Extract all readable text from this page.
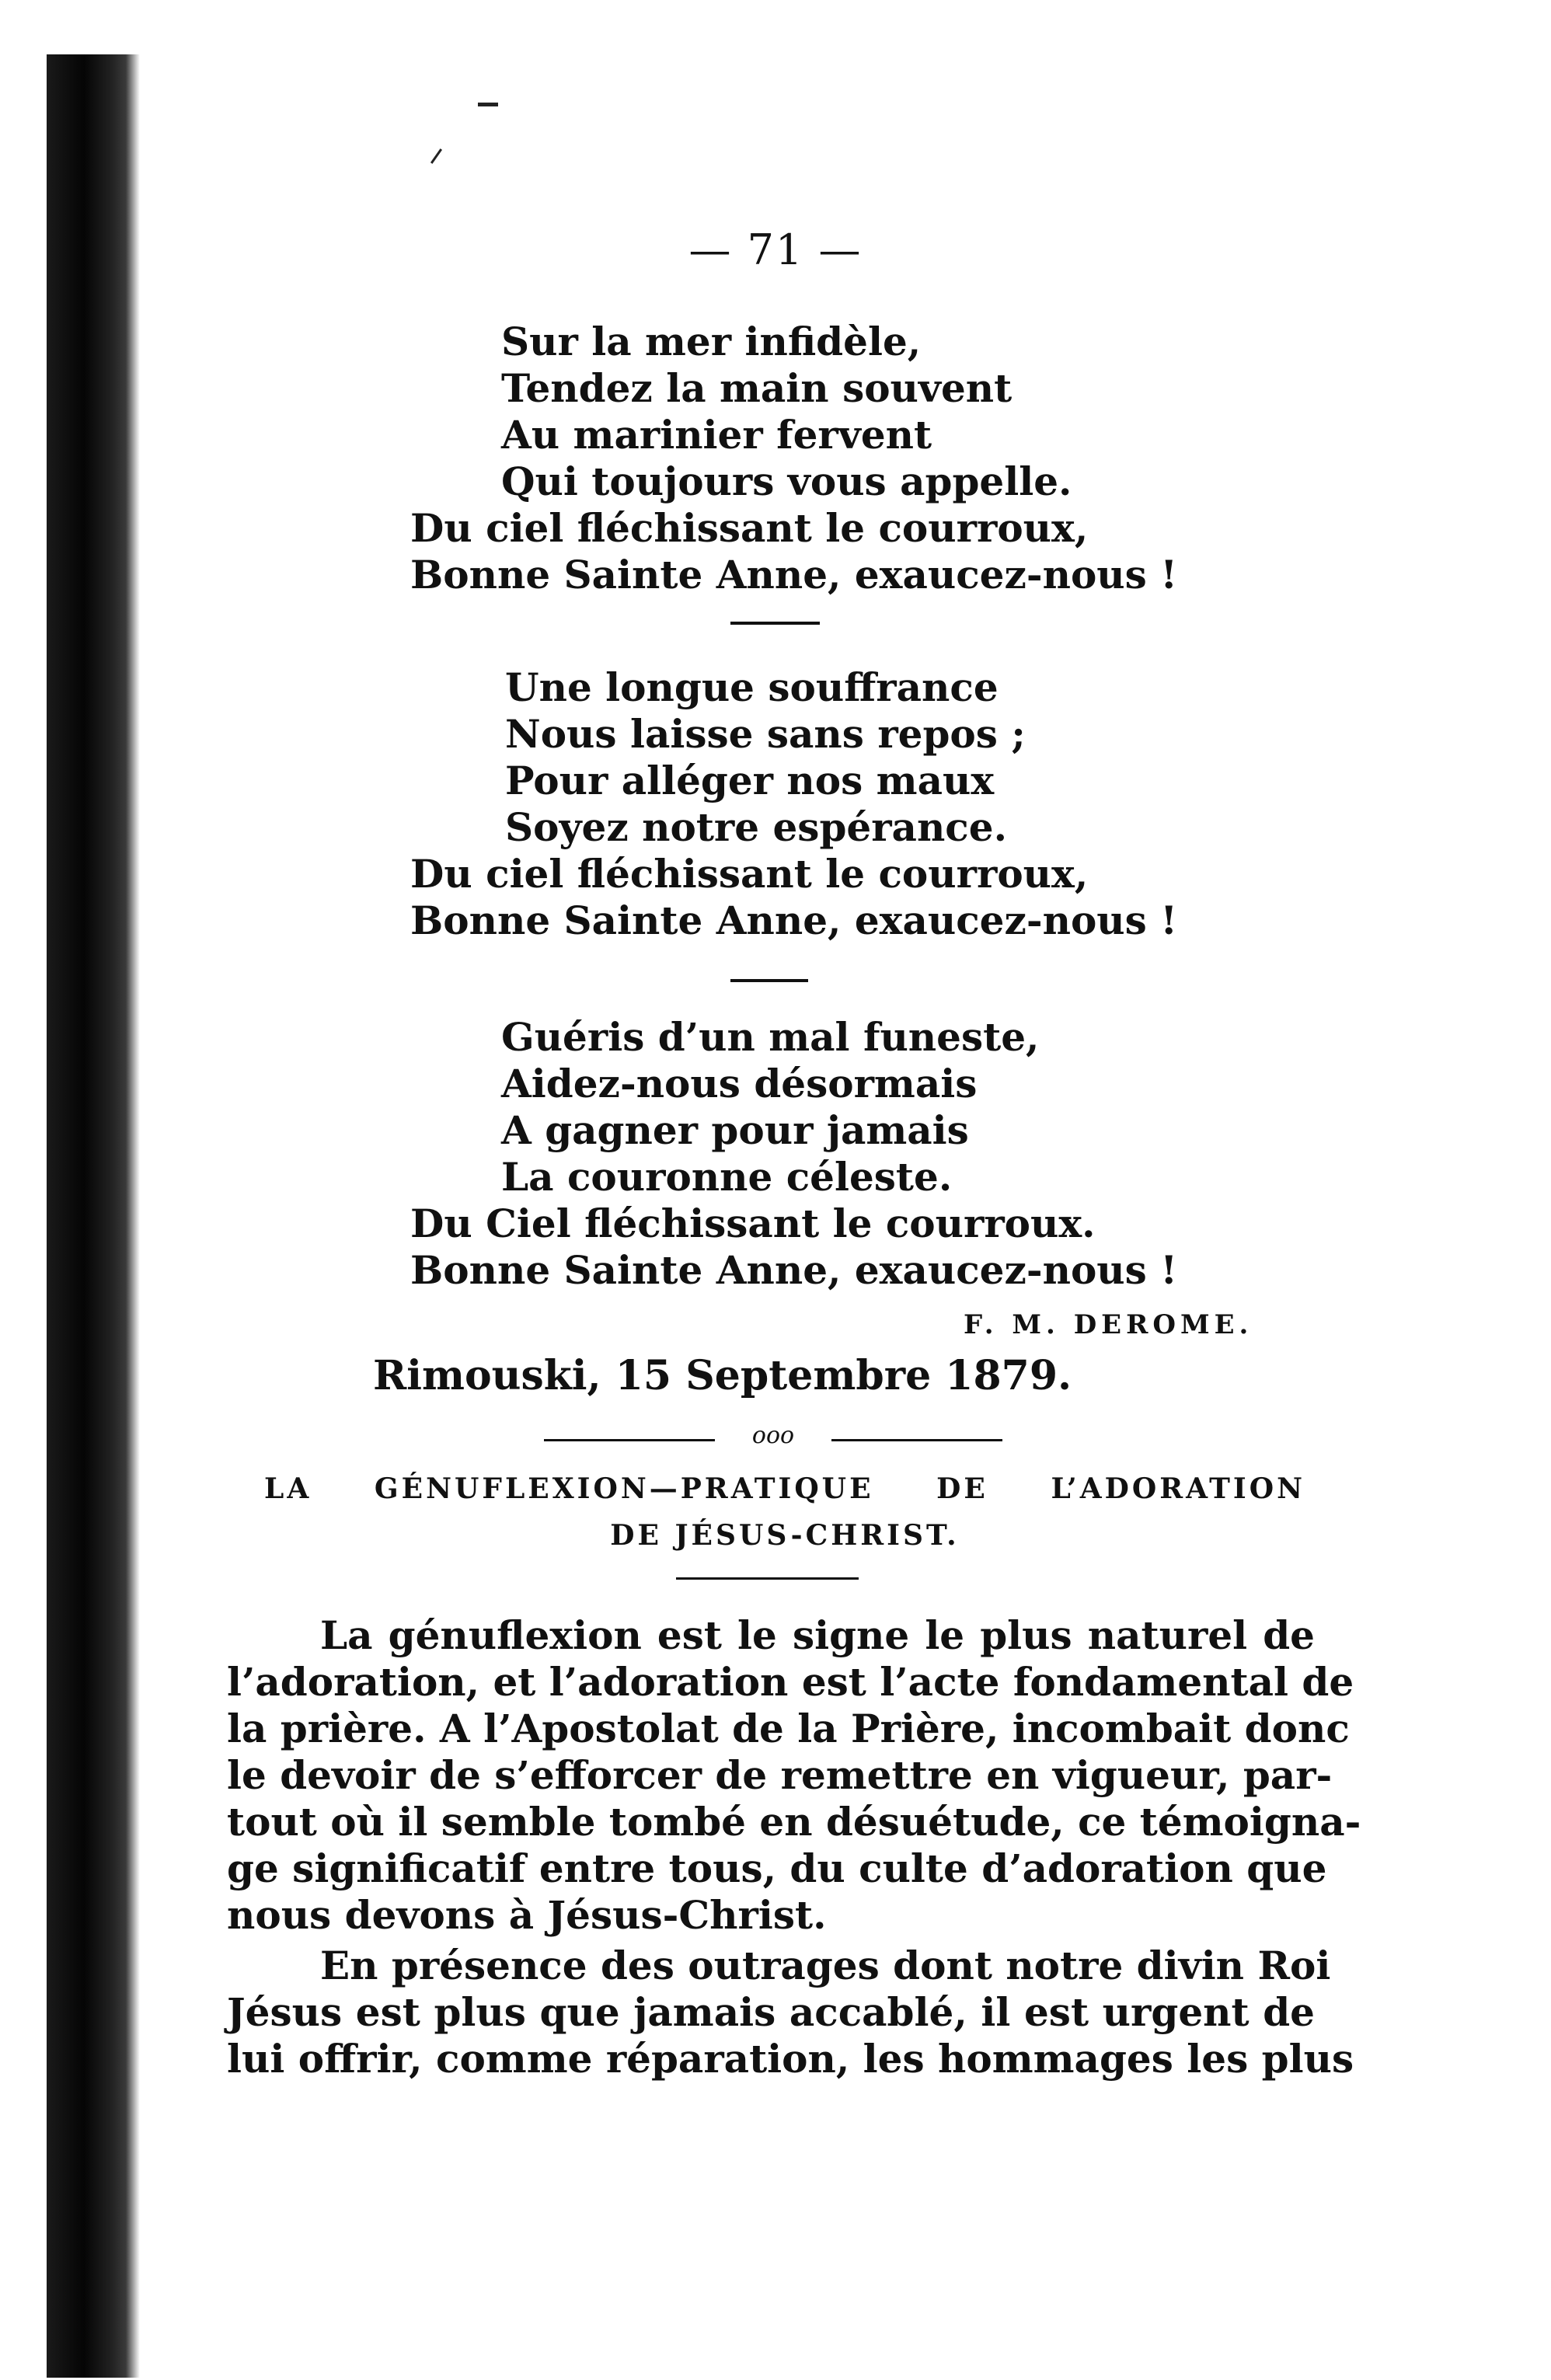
— 71 —
Sur la mer infidèle,
Tendez la main souvent
Au marinier fervent
Qui toujours vous appelle.
Du ciel fléchissant le courroux,
Bonne Sainte Anne, exaucez-nous !
Une longue souffrance
Nous laisse sans repos ;
Pour alléger nos maux
Soyez notre espérance.
Du ciel fléchissant le courroux,
Bonne Sainte Anne, exaucez-nous !
Guéris d’un mal funeste,
Aidez-nous désormais
A gagner pour jamais
La couronne céleste.
Du Ciel fléchissant le courroux.
Bonne Sainte Anne, exaucez-nous !
F. M. DEROME.
Rimouski, 15 Septembre 1879.
ooo
LA GÉNUFLEXION—PRATIQUE DE L’ADORATION
DE JÉSUS-CHRIST.
La génuflexion est le signe le plus naturel de
l’adoration, et l’adoration est l’acte fondamental de
la prière. A l’Apostolat de la Prière, incombait donc
le devoir de s’efforcer de remettre en vigueur, par-
tout où il semble tombé en désuétude, ce témoigna-
ge significatif entre tous, du culte d’adoration que
nous devons à Jésus-Christ.
En présence des outrages dont notre divin Roi
Jésus est plus que jamais accablé, il est urgent de
lui offrir, comme réparation, les hommages les plus
